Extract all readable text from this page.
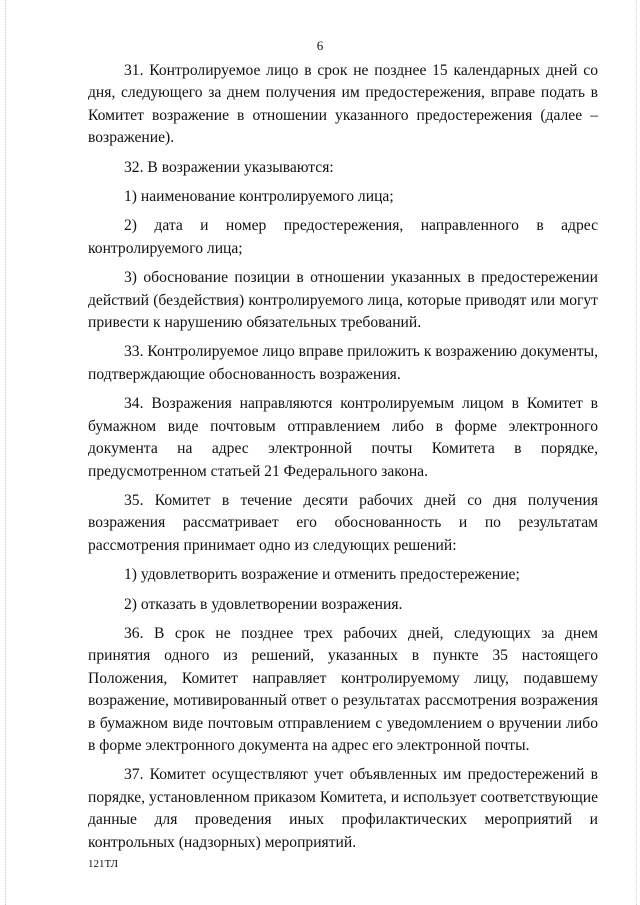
6

31. Контролируемое лицо в срок не позднее 15 календарных дней со дня, следующего за днем получения им предостережения, вправе подать в Комитет возражение в отношении указанного предостережения (далее – возражение).

32. В возражении указываются:

1) наименование контролируемого лица;

2) дата и номер предостережения, направленного в адрес контролируемого лица;

3) обоснование позиции в отношении указанных в предостережении действий (бездействия) контролируемого лица, которые приводят или могут привести к нарушению обязательных требований.

33. Контролируемое лицо вправе приложить к возражению документы, подтверждающие обоснованность возражения.

34. Возражения направляются контролируемым лицом в Комитет в бумажном виде почтовым отправлением либо в форме электронного документа на адрес электронной почты Комитета в порядке, предусмотренном статьей 21 Федерального закона.

35. Комитет в течение десяти рабочих дней со дня получения возражения рассматривает его обоснованность и по результатам рассмотрения принимает одно из следующих решений:

1) удовлетворить возражение и отменить предостережение;

2) отказать в удовлетворении возражения.

36. В срок не позднее трех рабочих дней, следующих за днем принятия одного из решений, указанных в пункте 35 настоящего Положения, Комитет направляет контролируемому лицу, подавшему возражение, мотивированный ответ о результатах рассмотрения возражения в бумажном виде почтовым отправлением с уведомлением о вручении либо в форме электронного документа на адрес его электронной почты.

37. Комитет осуществляют учет объявленных им предостережений в порядке, установленном приказом Комитета, и использует соответствующие данные для проведения иных профилактических мероприятий и контрольных (надзорных) мероприятий.

121ТЛ
